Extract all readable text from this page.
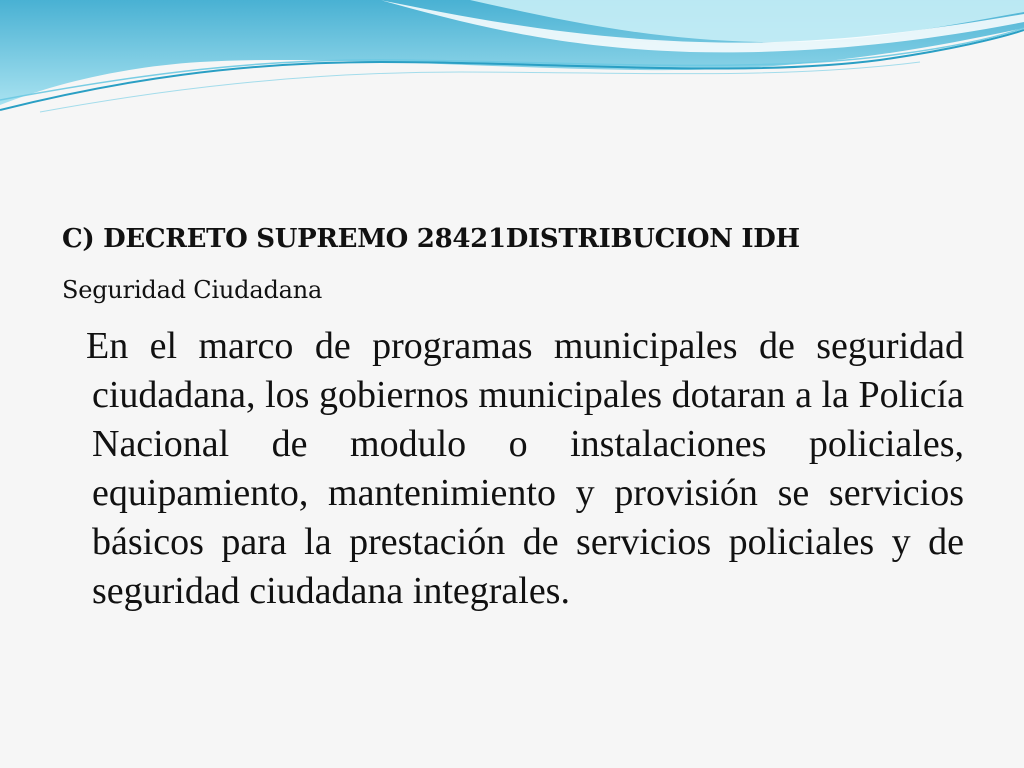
C) DECRETO SUPREMO 28421DISTRIBUCION IDH

Seguridad Ciudadana

En el marco de programas municipales de seguridad ciudadana, los gobiernos municipales dotaran a la Policía Nacional de modulo o instalaciones policiales, equipamiento, mantenimiento y provisión se servicios básicos para la prestación de servicios policiales y de seguridad ciudadana integrales.
